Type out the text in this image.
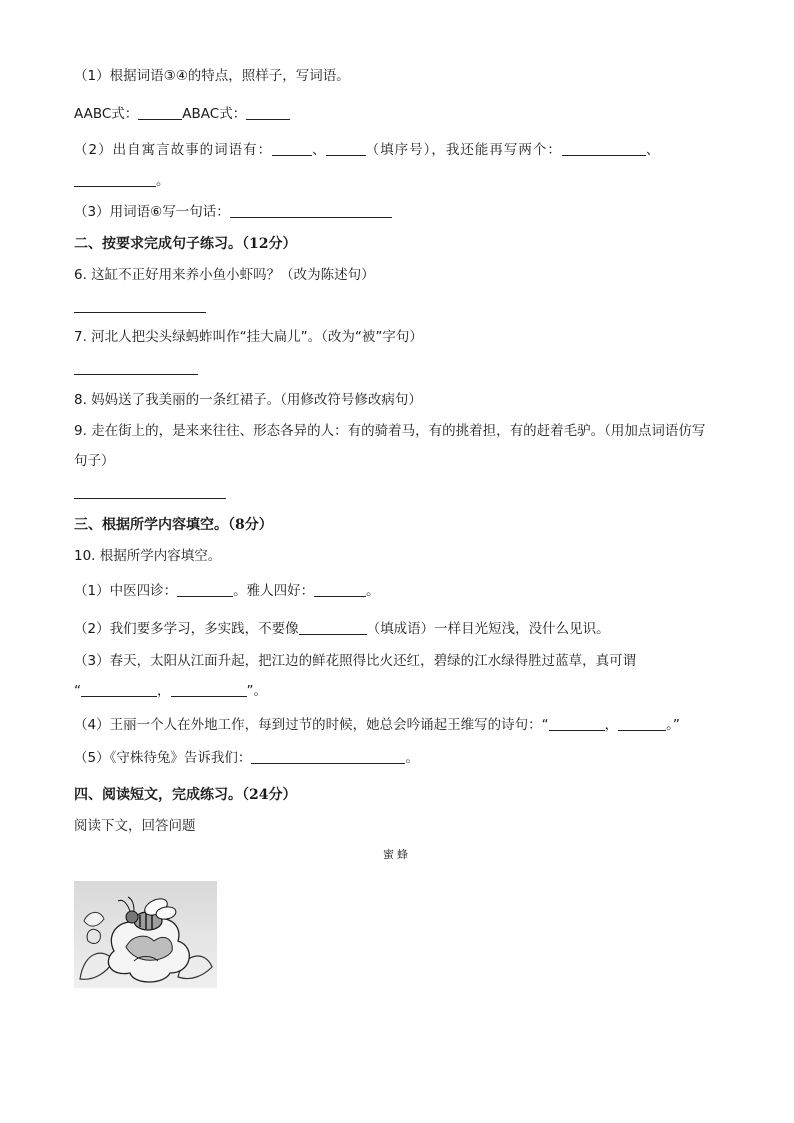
（1）根据词语③④的特点，照样子，写词语。
AABC式：	ABAC式：
（2）出自寓言故事的词语有：	、	（填序号），我还能再写两个：	、
。
（3）用词语⑥写一句话：
二、按要求完成句子练习。（12分）
6. 这缸不正好用来养小鱼小虾吗？（改为陈述句）
7. 河北人把尖头绿蚂蚱叫作“挂大扁儿”。（改为“被”字句）
8. 妈妈送了我美丽的一条红裙子。（用修改符号修改病句）
9. 走在街上的，是来来往往、形态各异的人：有的骑着马，有的挑着担，有的赶着毛驴。（用加点词语仿写
句子）
三、根据所学内容填空。（8分）
10. 根据所学内容填空。
（1）中医四诊：	。雅人四好：	。
（2）我们要多学习，多实践，不要像	（填成语）一样目光短浅，没什么见识。
（3）春天，太阳从江面升起，把江边的鲜花照得比火还红，碧绿的江水绿得胜过蓝草，真可谓
“	，	”。
（4）王丽一个人在外地工作，每到过节的时候，她总会吟诵起王维写的诗句：“	，	。”
（5）《守株待兔》告诉我们：	。
四、阅读短文，完成练习。（24分）
阅读下文，回答问题
蜜蜂
